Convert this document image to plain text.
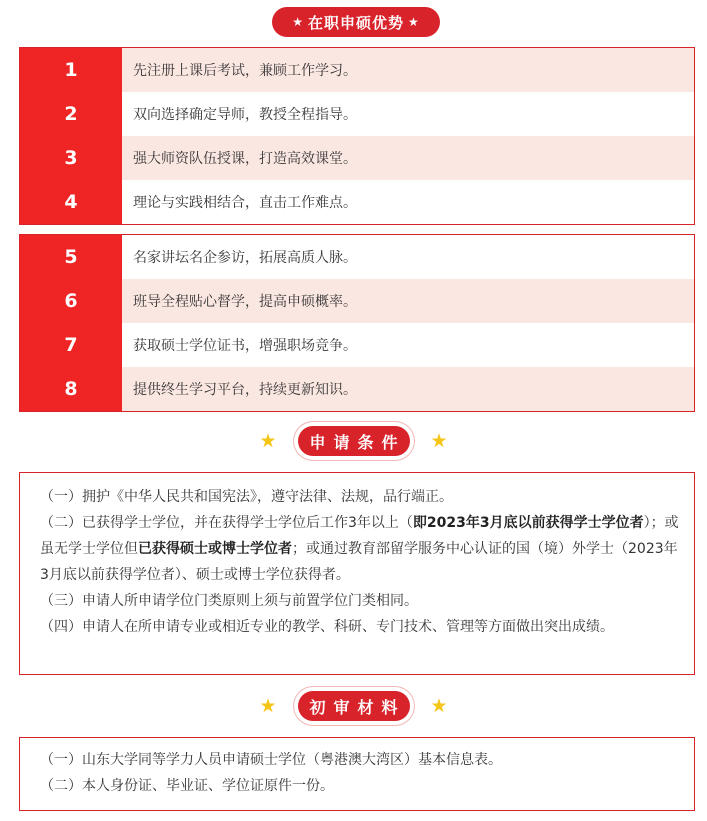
★ 在职申硕优势 ★
1	先注册上课后考试，兼顾工作学习。
2	双向选择确定导师，教授全程指导。
3	强大师资队伍授课，打造高效课堂。
4	理论与实践相结合，直击工作难点。
5	名家讲坛名企参访，拓展高质人脉。
6	班导全程贴心督学，提高申硕概率。
7	获取硕士学位证书，增强职场竞争。
8	提供终生学习平台，持续更新知识。
★	申请条件 ★

（一）拥护《中华人民共和国宪法》，遵守法律、法规，品行端正。

（二）已获得学士学位，并在获得学士学位后工作3年以上（即2023年3月底以前获得学士学位者）；或虽无学士学位但已获得硕士或博士学位者；或通过教育部留学服务中心认证的国（境）外学士（2023年3月底以前获得学位者）、硕士或博士学位获得者。

（三）申请人所申请学位门类原则上须与前置学位门类相同。

（四）申请人在所申请专业或相近专业的教学、科研、专门技术、管理等方面做出突出成绩。

★	初审材料 ★

（一）山东大学同等学力人员申请硕士学位（粤港澳大湾区）基本信息表。

（二）本人身份证、毕业证、学位证原件一份。
